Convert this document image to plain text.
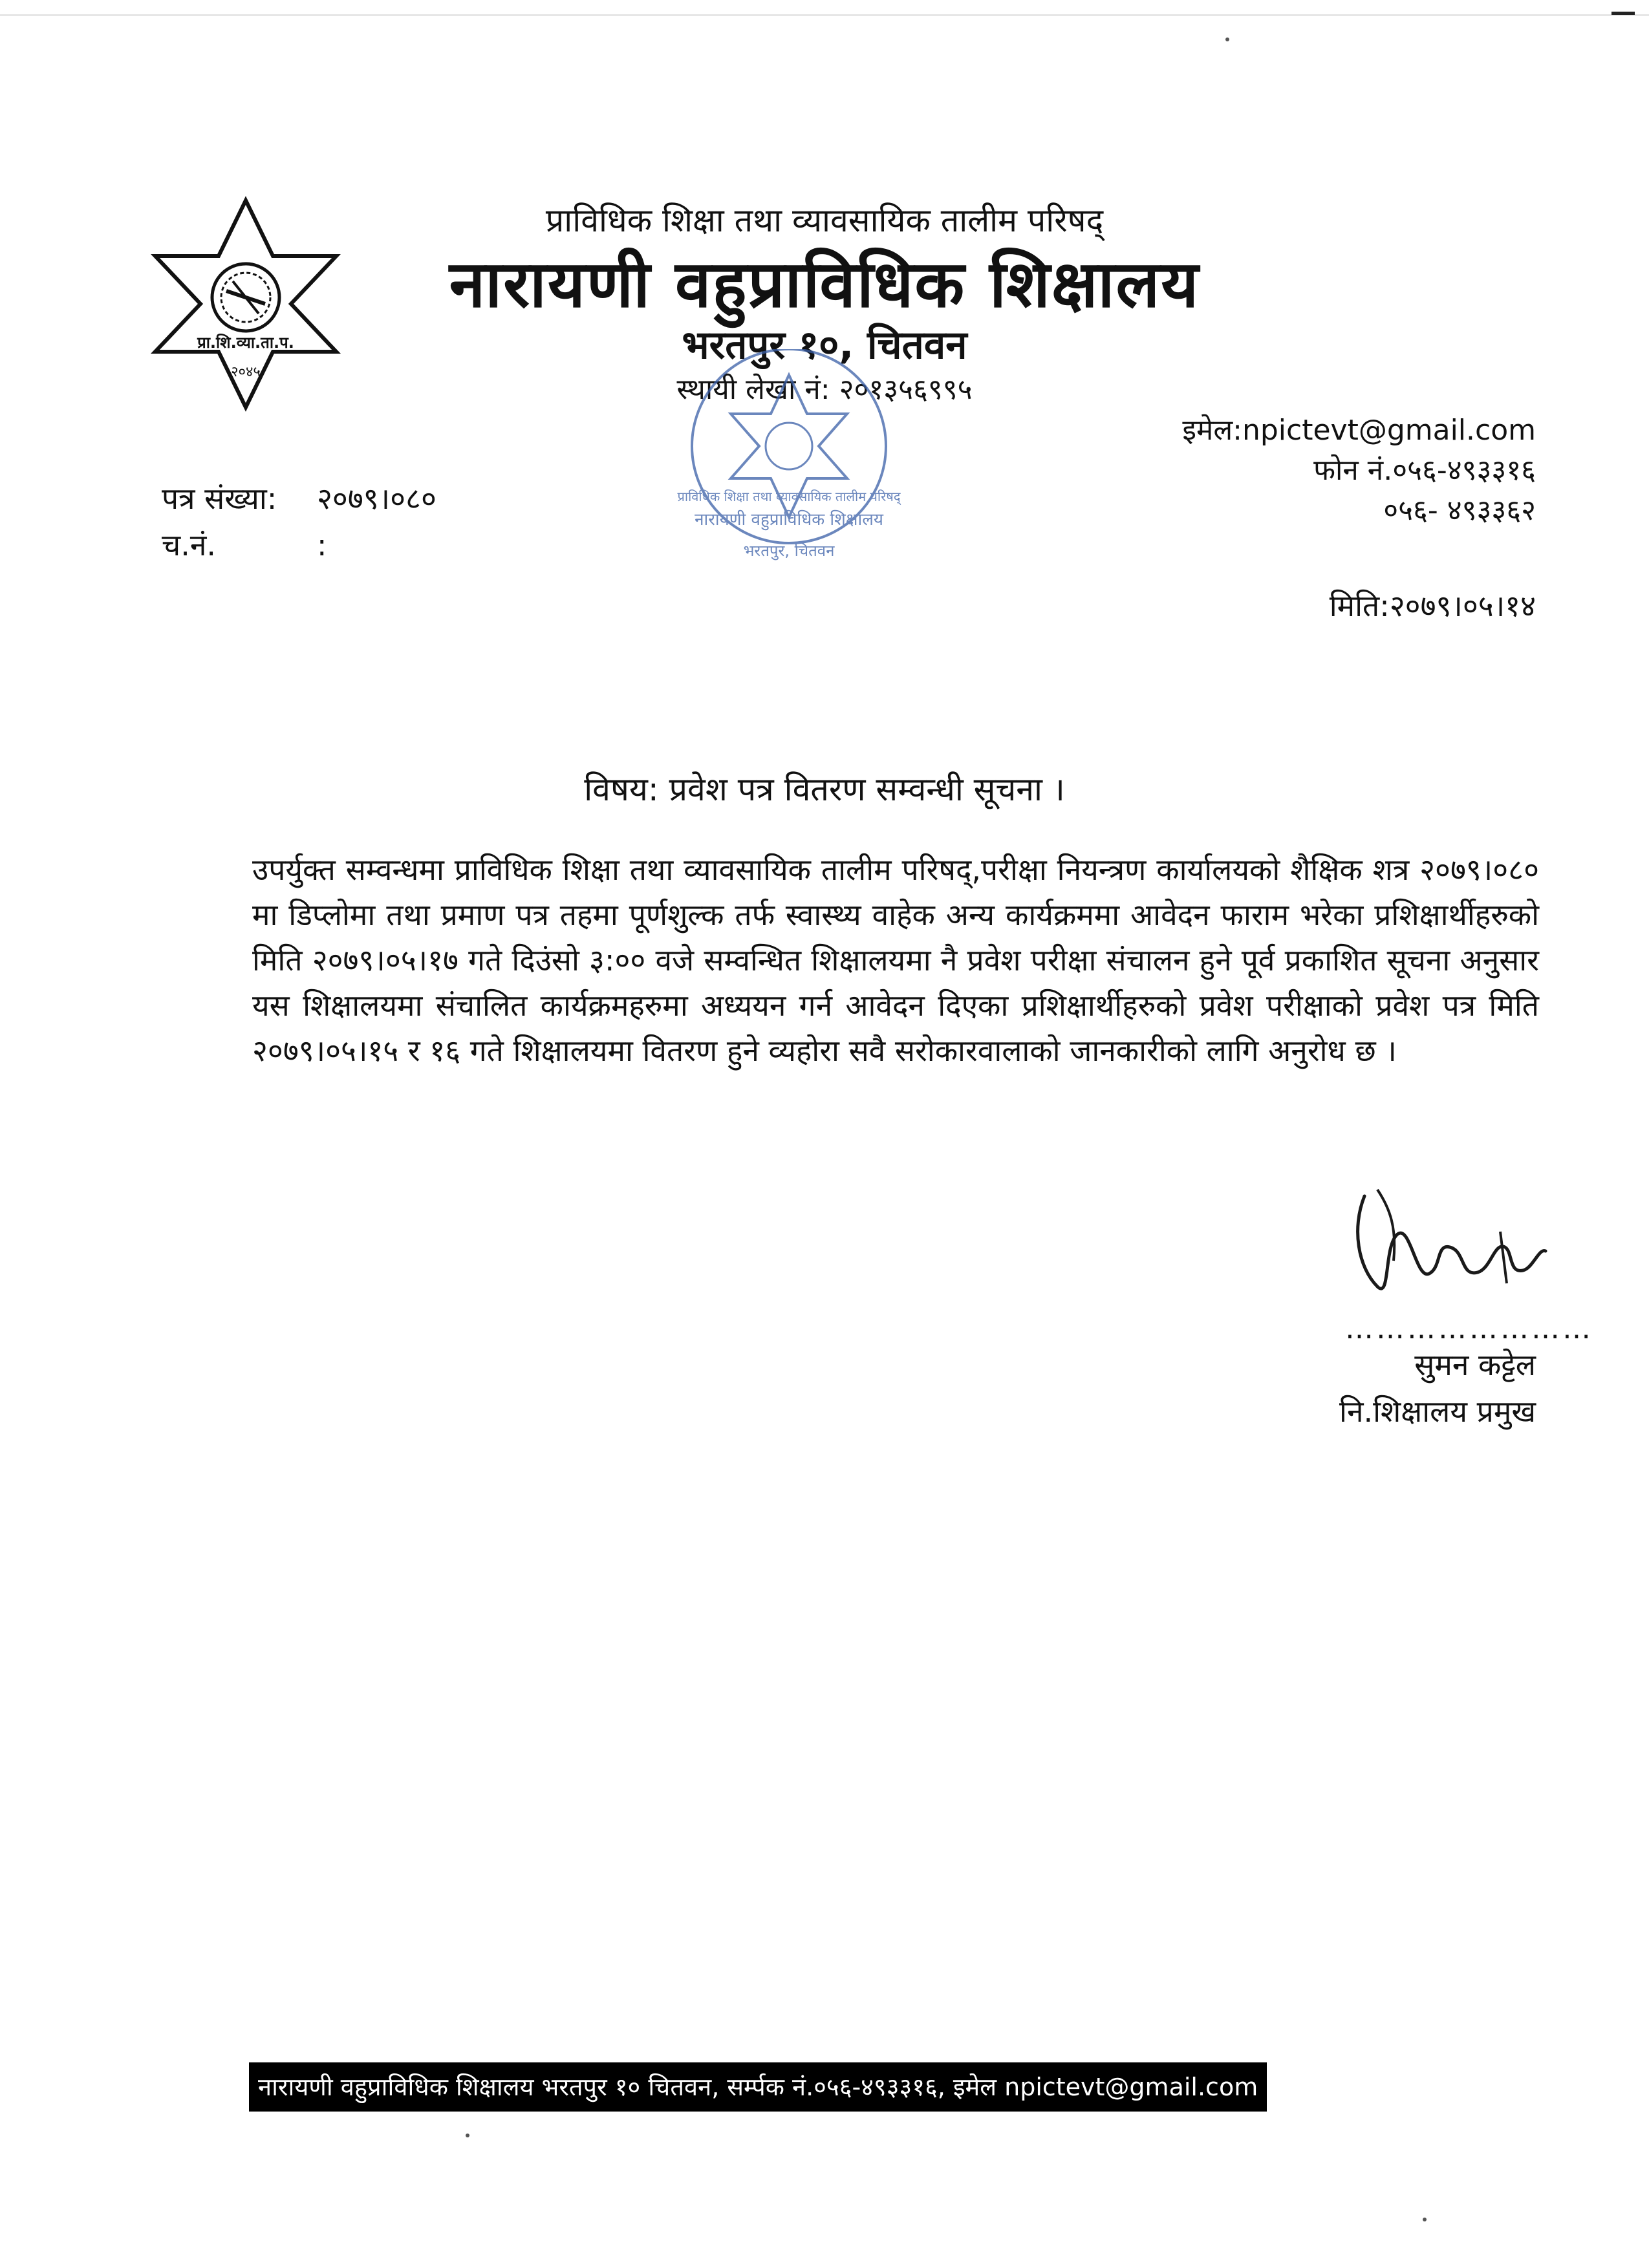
प्रा.शि.व्या.ता.प.
२०४५
प्राविधिक शिक्षा तथा व्यावसायिक तालीम परिषद्
नारायणी वहुप्राविधिक शिक्षालय
भरतपुर १०, चितवन
स्थायी लेखा नं: २०१३५६९९५
प्राविधिक शिक्षा तथा व्यावसायिक तालीम परिषद्
नारायणी वहुप्राविधिक शिक्षालय
भरतपुर, चितवन
इमेल:npictevt@gmail.com
फोन नं.०५६-४९३३१६
०५६- ४९३३६२
पत्र संख्या: २०७९।०८०
च.नं.	:
मिति:२०७९।०५।१४
विषय: प्रवेश पत्र वितरण सम्वन्धी सूचना ।
उपर्युक्त सम्वन्धमा प्राविधिक शिक्षा तथा व्यावसायिक तालीम परिषद्,परीक्षा नियन्त्रण कार्यालयको शैक्षिक शत्र २०७९।०८० मा डिप्लोमा तथा प्रमाण पत्र तहमा पूर्णशुल्क तर्फ स्वास्थ्य वाहेक अन्य कार्यक्रममा आवेदन फाराम भरेका प्रशिक्षार्थीहरुको मिति २०७९।०५।१७ गते दिउंसो ३:०० वजे सम्वन्धित शिक्षालयमा नै प्रवेश परीक्षा संचालन हुने पूर्व प्रकाशित सूचना अनुसार यस शिक्षालयमा संचालित कार्यक्रमहरुमा अध्ययन गर्न आवेदन दिएका प्रशिक्षार्थीहरुको प्रवेश परीक्षाको प्रवेश पत्र मिति २०७९।०५।१५ र १६ गते शिक्षालयमा वितरण हुने व्यहोरा सवै सरोकारवालाको जानकारीको लागि अनुरोध छ ।
……………………
सुमन कट्टेल
नि.शिक्षालय प्रमुख
नारायणी वहुप्राविधिक शिक्षालय भरतपुर १० चितवन, सर्म्पक नं.०५६-४९३३१६, इमेल npictevt@gmail.com
